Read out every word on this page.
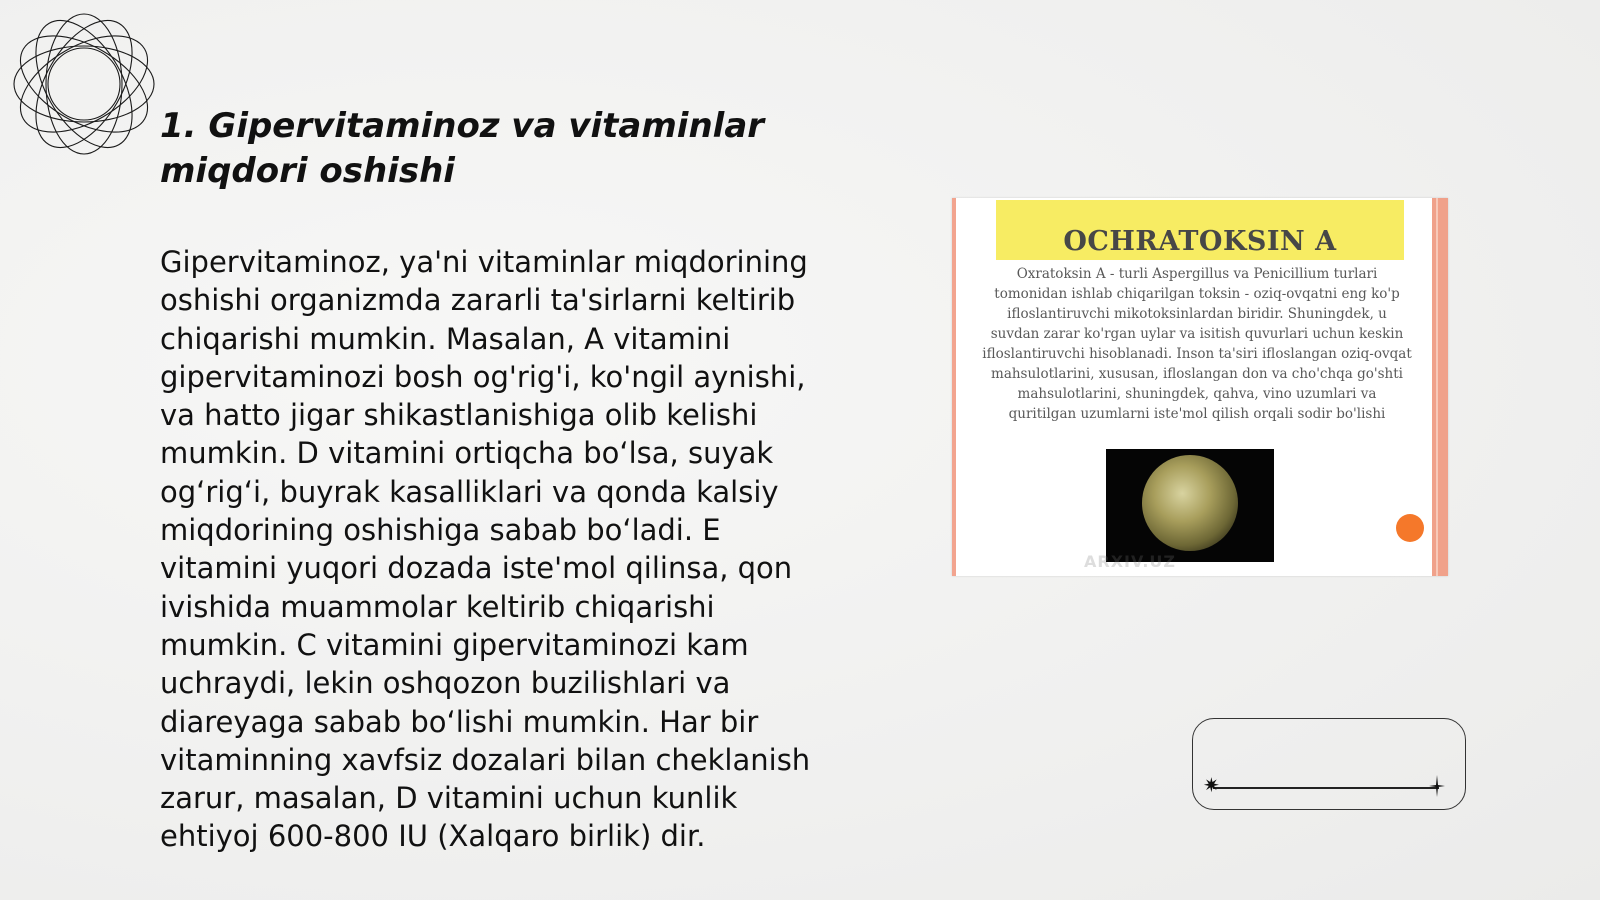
1. Gipervitaminoz va vitaminlar miqdori oshishi

Gipervitaminoz, ya'ni vitaminlar miqdorining oshishi organizmda zararli ta'sirlarni keltirib chiqarishi mumkin. Masalan, A vitamini gipervitaminozi bosh og'rig'i, ko'ngil aynishi, va hatto jigar shikastlanishiga olib kelishi mumkin. D vitamini ortiqcha bo‘lsa, suyak og‘rig‘i, buyrak kasalliklari va qonda kalsiy miqdorining oshishiga sabab bo‘ladi. E vitamini yuqori dozada iste'mol qilinsa, qon ivishida muammolar keltirib chiqarishi mumkin. C vitamini gipervitaminozi kam uchraydi, lekin oshqozon buzilishlari va diareyaga sabab bo‘lishi mumkin. Har bir vitaminning xavfsiz dozalari bilan cheklanish zarur, masalan, D vitamini uchun kunlik ehtiyoj 600-800 IU (Xalqaro birlik) dir.

OCHRATOKSIN A
Oxratoksin A - turli Aspergillus va Penicillium turlari tomonidan ishlab chiqarilgan toksin - oziq-ovqatni eng ko'p ifloslantiruvchi mikotoksinlardan biridir. Shuningdek, u suvdan zarar ko'rgan uylar va isitish quvurlari uchun keskin ifloslantiruvchi hisoblanadi. Inson ta'siri ifloslangan oziq-ovqat mahsulotlarini, xususan, ifloslangan don va cho'chqa go'shti mahsulotlarini, shuningdek, qahva, vino uzumlari va quritilgan uzumlarni iste'mol qilish orqali sodir bo'lishi
ARXIV.UZ
✷
